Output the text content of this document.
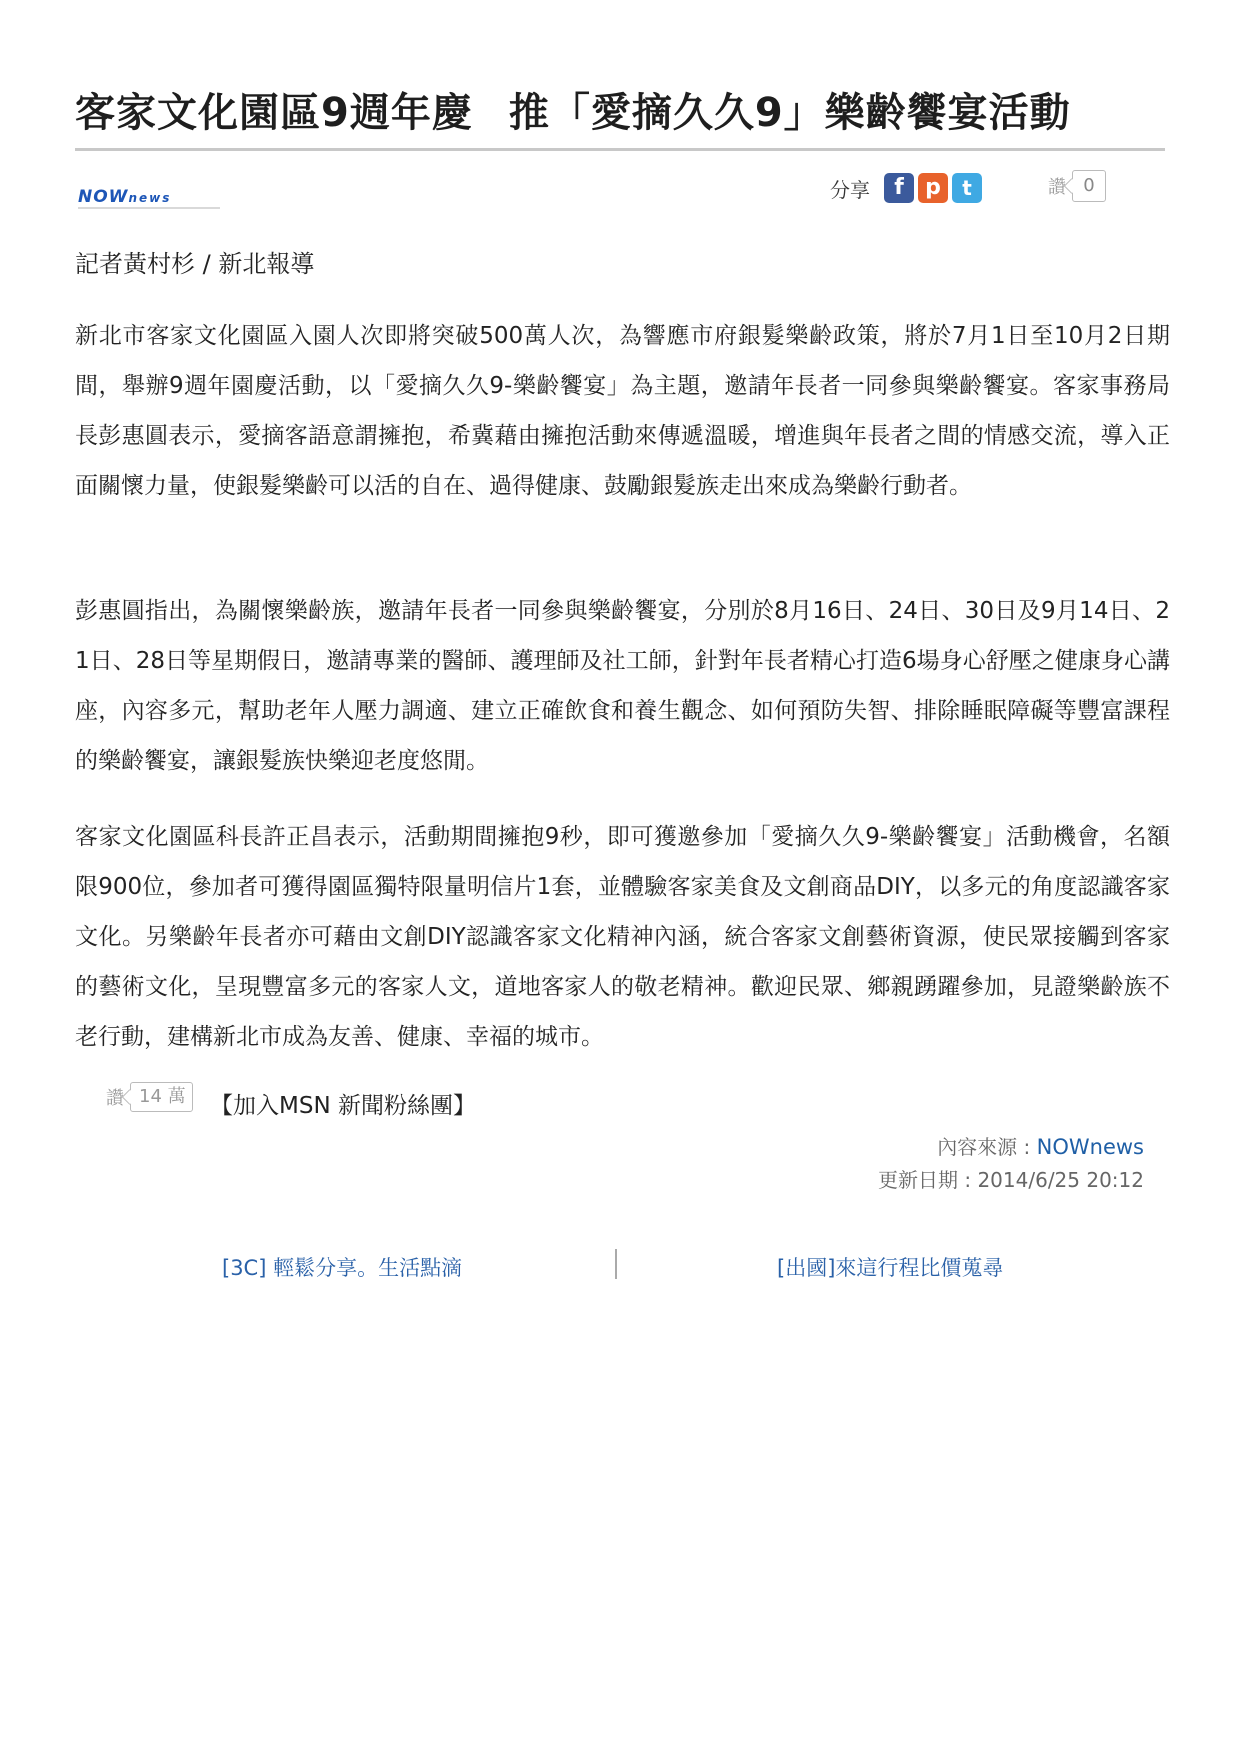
客家文化園區9週年慶 推「愛摘久久9」樂齡饗宴活動
NOWnews	分享	f p	t	讚 0
記者黃村杉 / 新北報導

新北市客家文化園區入園人次即將突破500萬人次，為響應市府銀髮樂齡政策，將於7月1日至10月2日期間，舉辦9週年園慶活動，以「愛摘久久9-樂齡饗宴」為主題，邀請年長者一同參與樂齡饗宴。客家事務局長彭惠圓表示，愛摘客語意謂擁抱，希冀藉由擁抱活動來傳遞溫暖，增進與年長者之間的情感交流，導入正面關懷力量，使銀髮樂齡可以活的自在、過得健康、鼓勵銀髮族走出來成為樂齡行動者。

彭惠圓指出，為關懷樂齡族，邀請年長者一同參與樂齡饗宴，分別於8月16日、24日、30日及9月14日、21日、28日等星期假日，邀請專業的醫師、護理師及社工師，針對年長者精心打造6場身心舒壓之健康身心講座，內容多元，幫助老年人壓力調適、建立正確飲食和養生觀念、如何預防失智、排除睡眠障礙等豐富課程的樂齡饗宴，讓銀髮族快樂迎老度悠閒。

客家文化園區科長許正昌表示，活動期間擁抱9秒，即可獲邀參加「愛摘久久9-樂齡饗宴」活動機會，名額限900位，參加者可獲得園區獨特限量明信片1套，並體驗客家美食及文創商品DIY，以多元的角度認識客家文化。另樂齡年長者亦可藉由文創DIY認識客家文化精神內涵，統合客家文創藝術資源，使民眾接觸到客家的藝術文化，呈現豐富多元的客家人文，道地客家人的敬老精神。歡迎民眾、鄉親踴躍參加，見證樂齡族不老行動，建構新北市成為友善、健康、幸福的城市。

讚 14 萬	【加入MSN 新聞粉絲團】
內容來源 : NOWnews
更新日期 : 2014/6/25 20:12
[3C] 輕鬆分享。生活點滴	[出國]來這行程比價蒐尋
